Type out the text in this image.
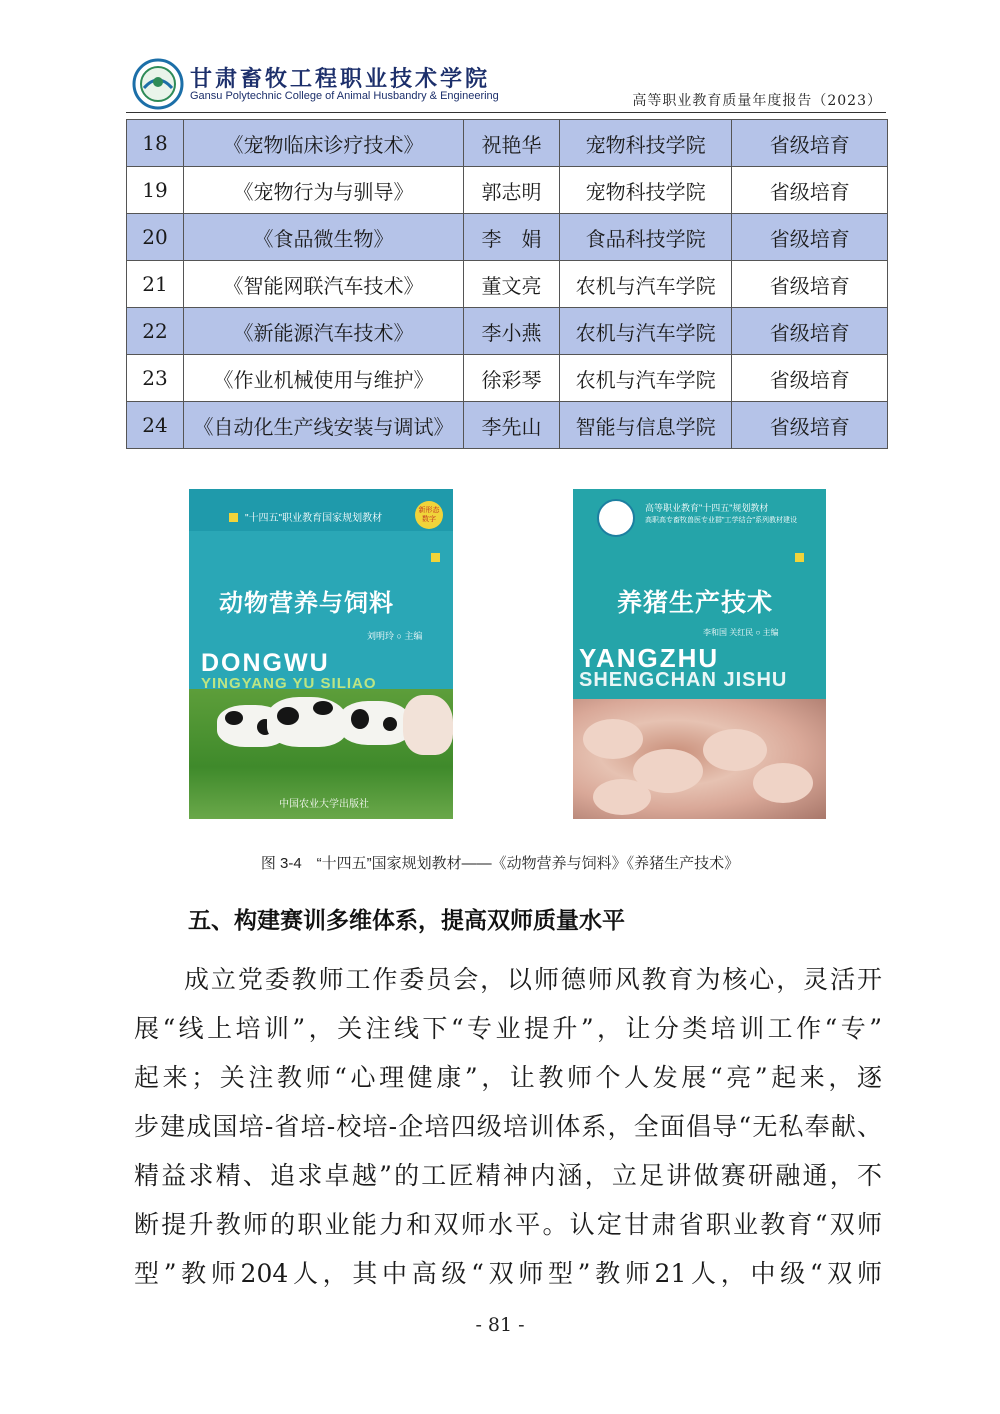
甘肃畜牧工程职业技术学院
Gansu Polytechnic College of Animal Husbandry & Engineering	高等职业教育质量年度报告（2023）
18	《宠物临床诊疗技术》	祝艳华	宠物科技学院	省级培育
19	《宠物行为与驯导》	郭志明	宠物科技学院	省级培育
20	《食品微生物》	李　娟	食品科技学院	省级培育
21	《智能网联汽车技术》	董文亮	农机与汽车学院	省级培育
22	《新能源汽车技术》	李小燕	农机与汽车学院	省级培育
23	《作业机械使用与维护》	徐彩琴	农机与汽车学院	省级培育
24	《自动化生产线安装与调试》	李先山	智能与信息学院	省级培育
"十四五"职业教育国家规划教材
新形态 数字
动物营养与饲料
刘明玲 ○ 主编
DONGWU
YINGYANG YU SILIAO
中国农业大学出版社
高等职业教育"十四五"规划教材
高职高专畜牧兽医专业群"工学结合"系列教材建设
养猪生产技术
李和国 关红民 ○ 主编
YANGZHU
SHENGCHAN JISHU
图 3-4　“十四五”国家规划教材——《动物营养与饲料》《养猪生产技术》
五、构建赛训多维体系，提高双师质量水平
成立党委教师工作委员会，以师德师风教育为核心，灵活开
展“线上培训”，关注线下“专业提升”，让分类培训工作“专”
起来；关注教师“心理健康”，让教师个人发展“亮”起来，逐
步建成国培-省培-校培-企培四级培训体系，全面倡导“无私奉献、
精益求精、追求卓越”的工匠精神内涵，立足讲做赛研融通，不
断提升教师的职业能力和双师水平。认定甘肃省职业教育“双师
型”教师204人，其中高级“双师型”教师21人，中级“双师
- 81 -
